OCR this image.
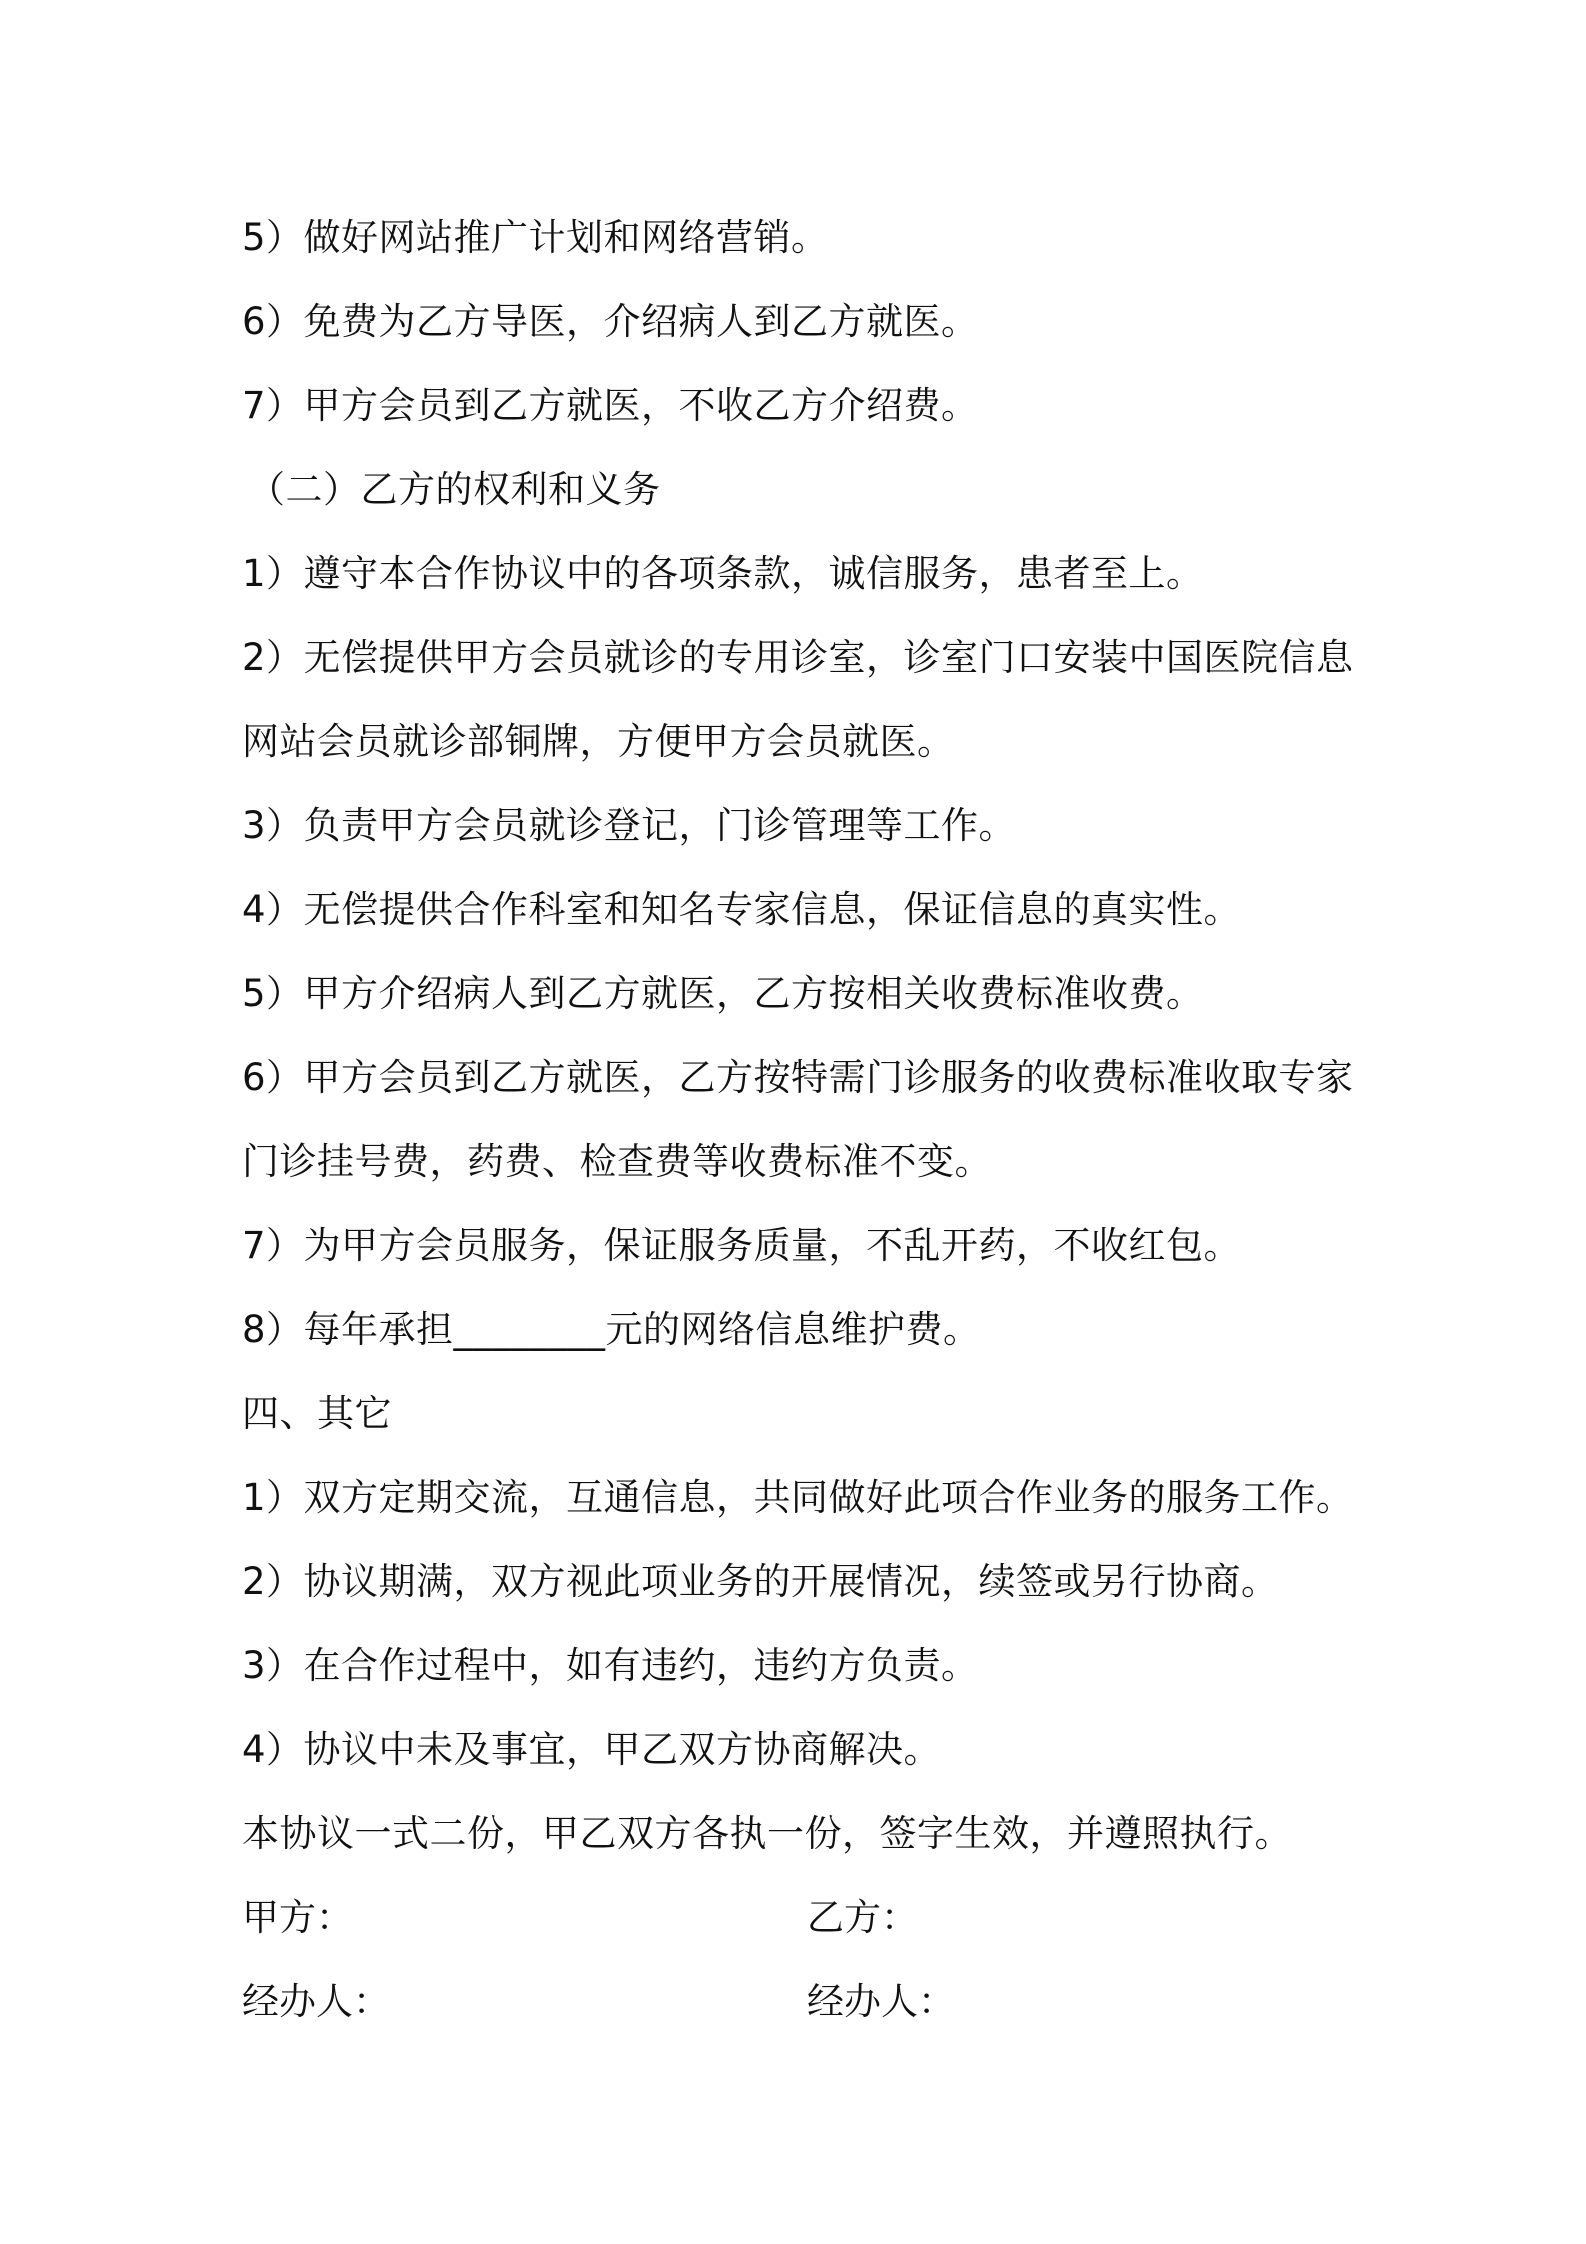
5）做好网站推广计划和网络营销。
6）免费为乙方导医，介绍病人到乙方就医。
7）甲方会员到乙方就医，不收乙方介绍费。
（二）乙方的权利和义务
1）遵守本合作协议中的各项条款，诚信服务，患者至上。
2）无偿提供甲方会员就诊的专用诊室，诊室门口安装中国医院信息
网站会员就诊部铜牌，方便甲方会员就医。
3）负责甲方会员就诊登记，门诊管理等工作。
4）无偿提供合作科室和知名专家信息，保证信息的真实性。
5）甲方介绍病人到乙方就医，乙方按相关收费标准收费。
6）甲方会员到乙方就医，乙方按特需门诊服务的收费标准收取专家
门诊挂号费，药费、检查费等收费标准不变。
7）为甲方会员服务，保证服务质量，不乱开药，不收红包。
8）每年承担________元的网络信息维护费。
四、其它
1）双方定期交流，互通信息，共同做好此项合作业务的服务工作。
2）协议期满，双方视此项业务的开展情况，续签或另行协商。
3）在合作过程中，如有违约，违约方负责。
4）协议中未及事宜，甲乙双方协商解决。
本协议一式二份，甲乙双方各执一份，签字生效，并遵照执行。
甲方：	乙方：
经办人：	经办人：
